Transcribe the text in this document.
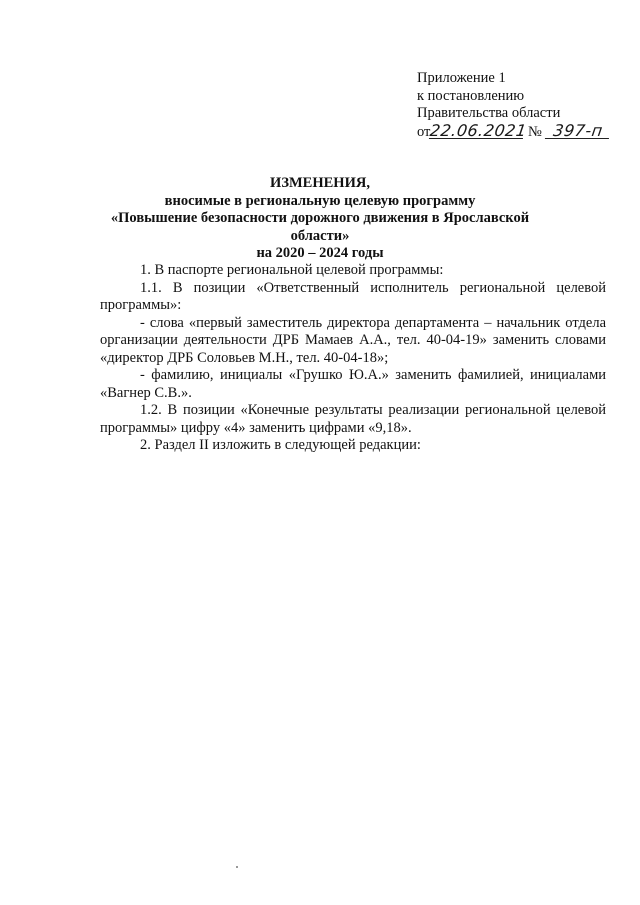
Приложение 1
к постановлению
Правительства области
от22.06.2021 № 397-п
ИЗМЕНЕНИЯ,
вносимые в региональную целевую программу
«Повышение безопасности дорожного движения в Ярославской области»
на 2020 – 2024 годы

1. В паспорте региональной целевой программы:

1.1. В позиции «Ответственный исполнитель региональной целевой программы»:

- слова «первый заместитель директора департамента – начальник отдела организации деятельности ДРБ Мамаев А.А., тел. 40-04-19» заменить словами «директор ДРБ Соловьев М.Н., тел. 40-04-18»;

- фамилию, инициалы «Грушко Ю.А.» заменить фамилией, инициалами «Вагнер С.В.».

1.2. В позиции «Конечные результаты реализации региональной целевой программы» цифру «4» заменить цифрами «9,18».

2. Раздел II изложить в следующей редакции:
